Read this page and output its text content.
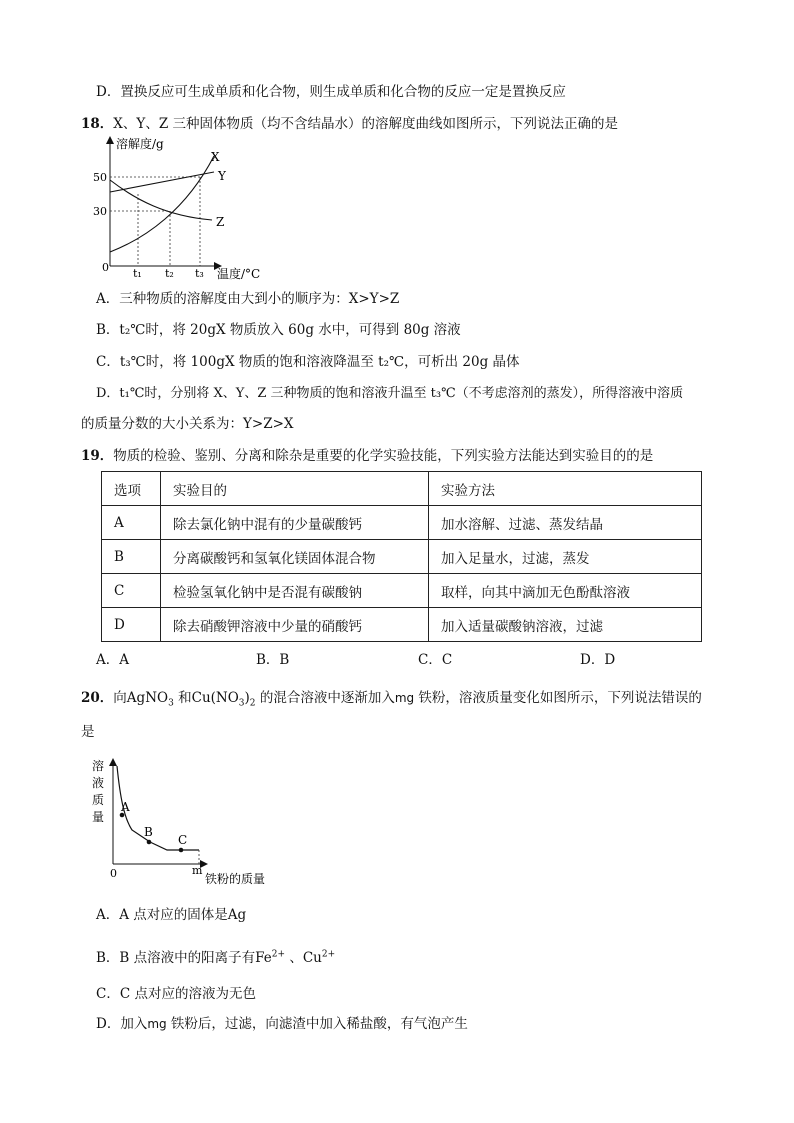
D．置换反应可生成单质和化合物，则生成单质和化合物的反应一定是置换反应
18．X、Y、Z 三种固体物质（均不含结晶水）的溶解度曲线如图所示，下列说法正确的是
溶解度/g
温度/°C
0
50
30
t₁ t₂ t₃
X
Y
Z
A．三种物质的溶解度由大到小的顺序为：X>Y>Z
B．t₂℃时，将 20gX 物质放入 60g 水中，可得到 80g 溶液
C．t₃℃时，将 100gX 物质的饱和溶液降温至 t₂℃，可析出 20g 晶体
D．t₁℃时，分别将 X、Y、Z 三种物质的饱和溶液升温至 t₃℃（不考虑溶剂的蒸发），所得溶液中溶质
的质量分数的大小关系为：Y>Z>X
19．物质的检验、鉴别、分离和除杂是重要的化学实验技能，下列实验方法能达到实验目的的是
选项	实验目的	实验方法
A	除去氯化钠中混有的少量碳酸钙	加水溶解、过滤、蒸发结晶
B	分离碳酸钙和氢氧化镁固体混合物	加入足量水，过滤，蒸发
C	检验氢氧化钠中是否混有碳酸钠	取样，向其中滴加无色酚酞溶液
D	除去硝酸钾溶液中少量的硝酸钙	加入适量碳酸钠溶液，过滤
A．A	B．B	C．C	D．D
20．向AgNO$_3$ 和$Cu(NO_3)_2$ 的混合溶液中逐渐加入mg 铁粉，溶液质量变化如图所示，下列说法错误的
是
A
B
C
溶
液
质
量
0	m
铁粉的质量
A．A 点对应的固体是Ag
B．B 点溶液中的阳离子有$Fe^{2+}$ 、$Cu^{2+}$
C．C 点对应的溶液为无色
D．加入mg 铁粉后，过滤，向滤渣中加入稀盐酸，有气泡产生
